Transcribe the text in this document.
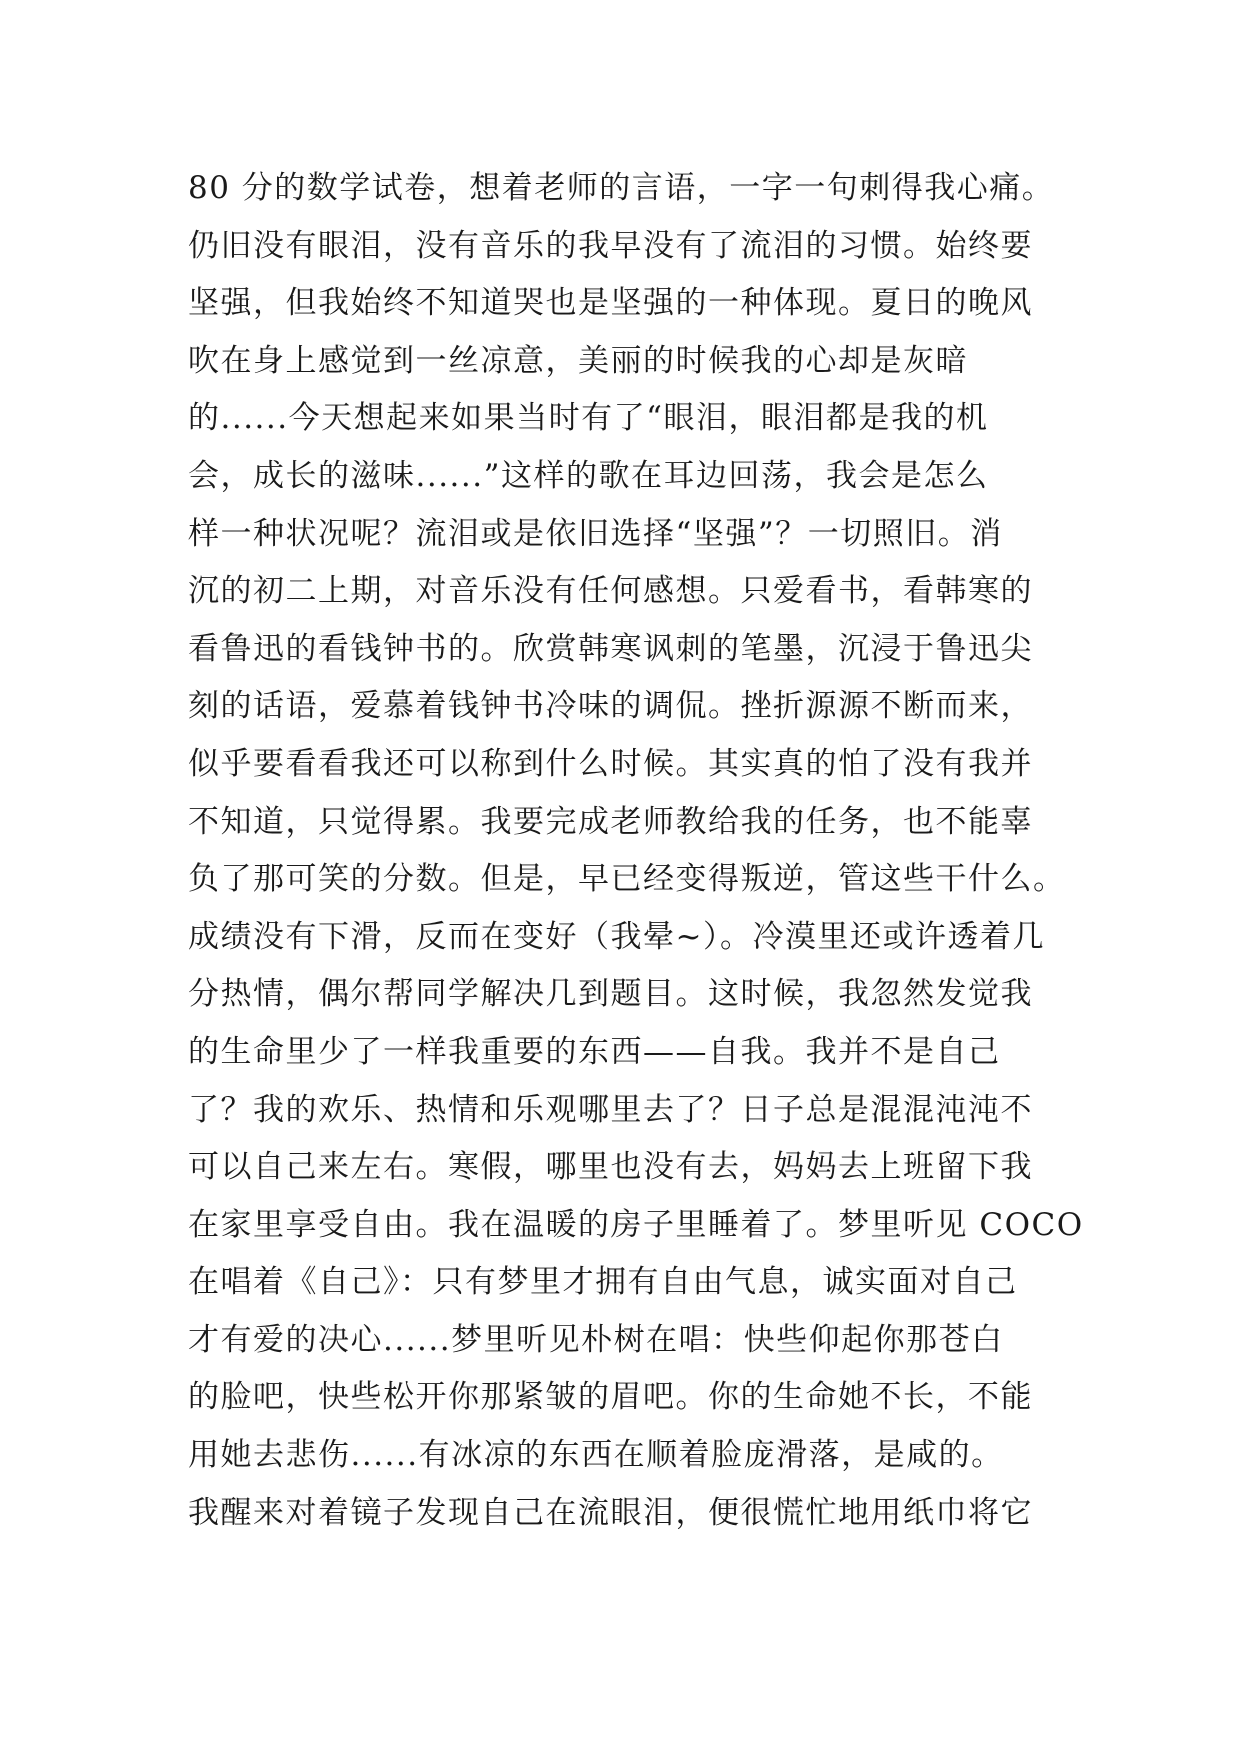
80 分的数学试卷，想着老师的言语，一字一句刺得我心痛。
仍旧没有眼泪，没有音乐的我早没有了流泪的习惯。始终要
坚强，但我始终不知道哭也是坚强的一种体现。夏日的晚风
吹在身上感觉到一丝凉意，美丽的时候我的心却是灰暗
的......今天想起来如果当时有了“眼泪，眼泪都是我的机
会，成长的滋味......”这样的歌在耳边回荡，我会是怎么
样一种状况呢？流泪或是依旧选择“坚强”？一切照旧。消
沉的初二上期，对音乐没有任何感想。只爱看书，看韩寒的
看鲁迅的看钱钟书的。欣赏韩寒讽刺的笔墨，沉浸于鲁迅尖
刻的话语，爱慕着钱钟书冷味的调侃。挫折源源不断而来，
似乎要看看我还可以称到什么时候。其实真的怕了没有我并
不知道，只觉得累。我要完成老师教给我的任务，也不能辜
负了那可笑的分数。但是，早已经变得叛逆，管这些干什么。
成绩没有下滑，反而在变好（我晕~）。冷漠里还或许透着几
分热情，偶尔帮同学解决几到题目。这时候，我忽然发觉我
的生命里少了一样我重要的东西——自我。我并不是自己
了？我的欢乐、热情和乐观哪里去了？日子总是混混沌沌不
可以自己来左右。寒假，哪里也没有去，妈妈去上班留下我
在家里享受自由。我在温暖的房子里睡着了。梦里听见 COCO
在唱着《自己》：只有梦里才拥有自由气息，诚实面对自己
才有爱的决心......梦里听见朴树在唱：快些仰起你那苍白
的脸吧，快些松开你那紧皱的眉吧。你的生命她不长，不能
用她去悲伤......有冰凉的东西在顺着脸庞滑落，是咸的。
我醒来对着镜子发现自己在流眼泪，便很慌忙地用纸巾将它
